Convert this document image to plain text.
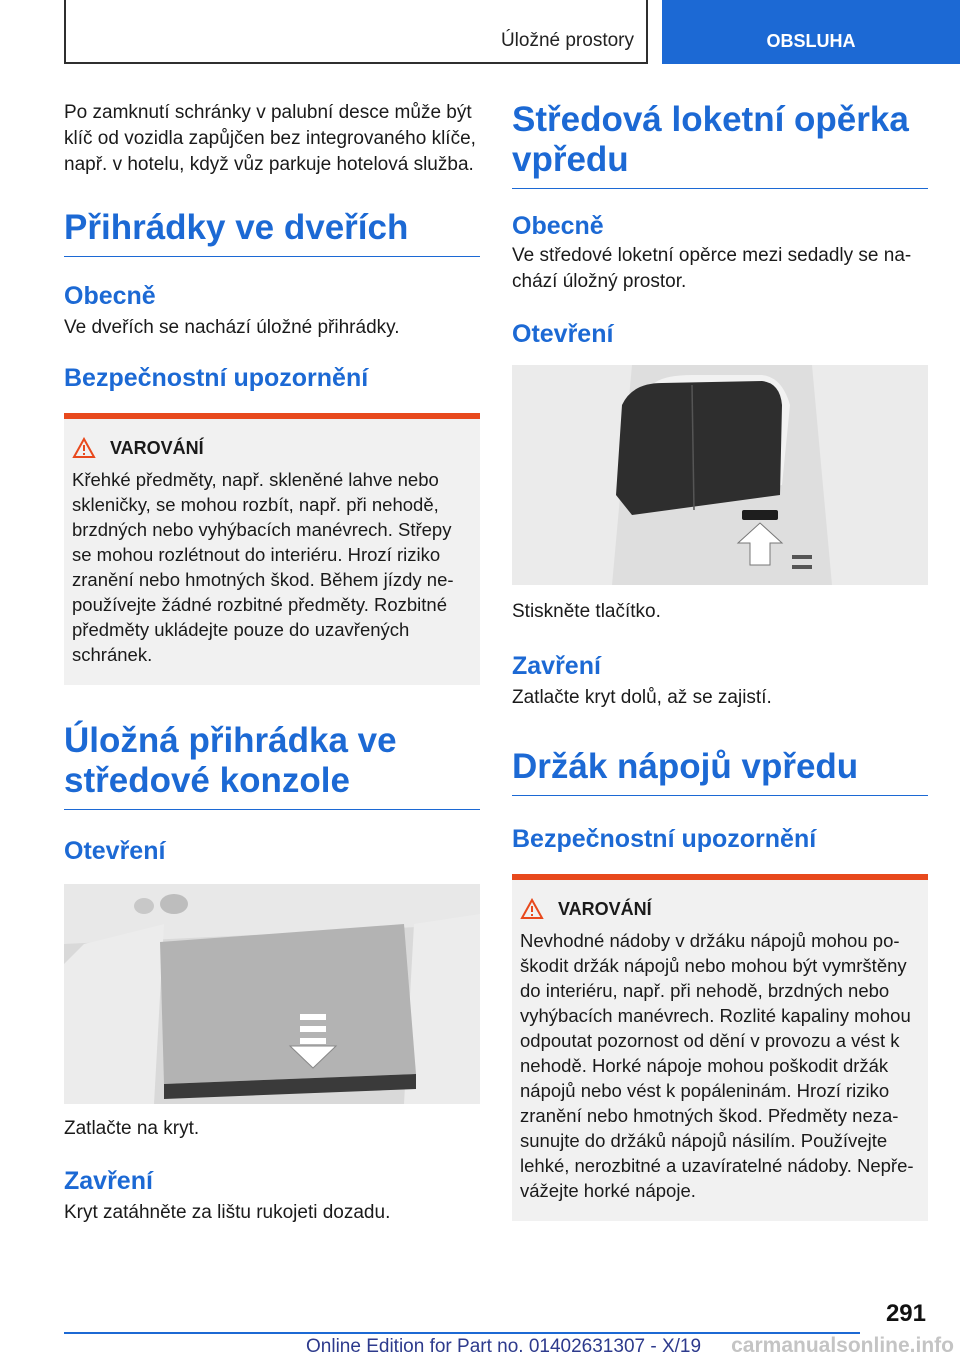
Úložné prostory	OBSLUHA

Po zamknutí schránky v palubní desce může být klíč od vozidla zapůjčen bez integrovaného klíče, např. v hotelu, když vůz parkuje hotelová služba.

Přihrádky ve dveřích
Obecně

Ve dveřích se nachází úložné přihrádky.

Bezpečnostní upozornění
VAROVÁNÍ

Křehké předměty, např. skleněné lahve nebo skleničky, se mohou rozbít, např. při nehodě, brzdných nebo vyhýbacích manévrech. Střepy se mohou rozlétnout do interiéru. Hrozí riziko zranění nebo hmotných škod. Během jízdy ne- používejte žádné rozbitné předměty. Rozbitné předměty ukládejte pouze do uzavřených schránek.

Úložná přihrádka ve středové konzole
Otevření

Zatlačte na kryt.

Zavření

Kryt zatáhněte za lištu rukojeti dozadu.

Středová loketní opěrka vpředu
Obecně

Ve středové loketní opěrce mezi sedadly se na- chází úložný prostor.

Otevření

Stiskněte tlačítko.

Zavření

Zatlačte kryt dolů, až se zajistí.

Držák nápojů vpředu
Bezpečnostní upozornění
VAROVÁNÍ

Nevhodné nádoby v držáku nápojů mohou po- škodit držák nápojů nebo mohou být vymrštěny do interiéru, např. při nehodě, brzdných nebo vyhýbacích manévrech. Rozlité kapaliny mohou odpoutat pozornost od dění v provozu a vést k nehodě. Horké nápoje mohou poškodit držák nápojů nebo vést k popáleninám. Hrozí riziko zranění nebo hmotných škod. Předměty neza- sunujte do držáků nápojů násilím. Používejte lehké, nerozbitné a uzavíratelné nádoby. Nepře- vážejte horké nápoje.

291
Online Edition for Part no. 01402631307 - X/19 carmanualsonline.info
